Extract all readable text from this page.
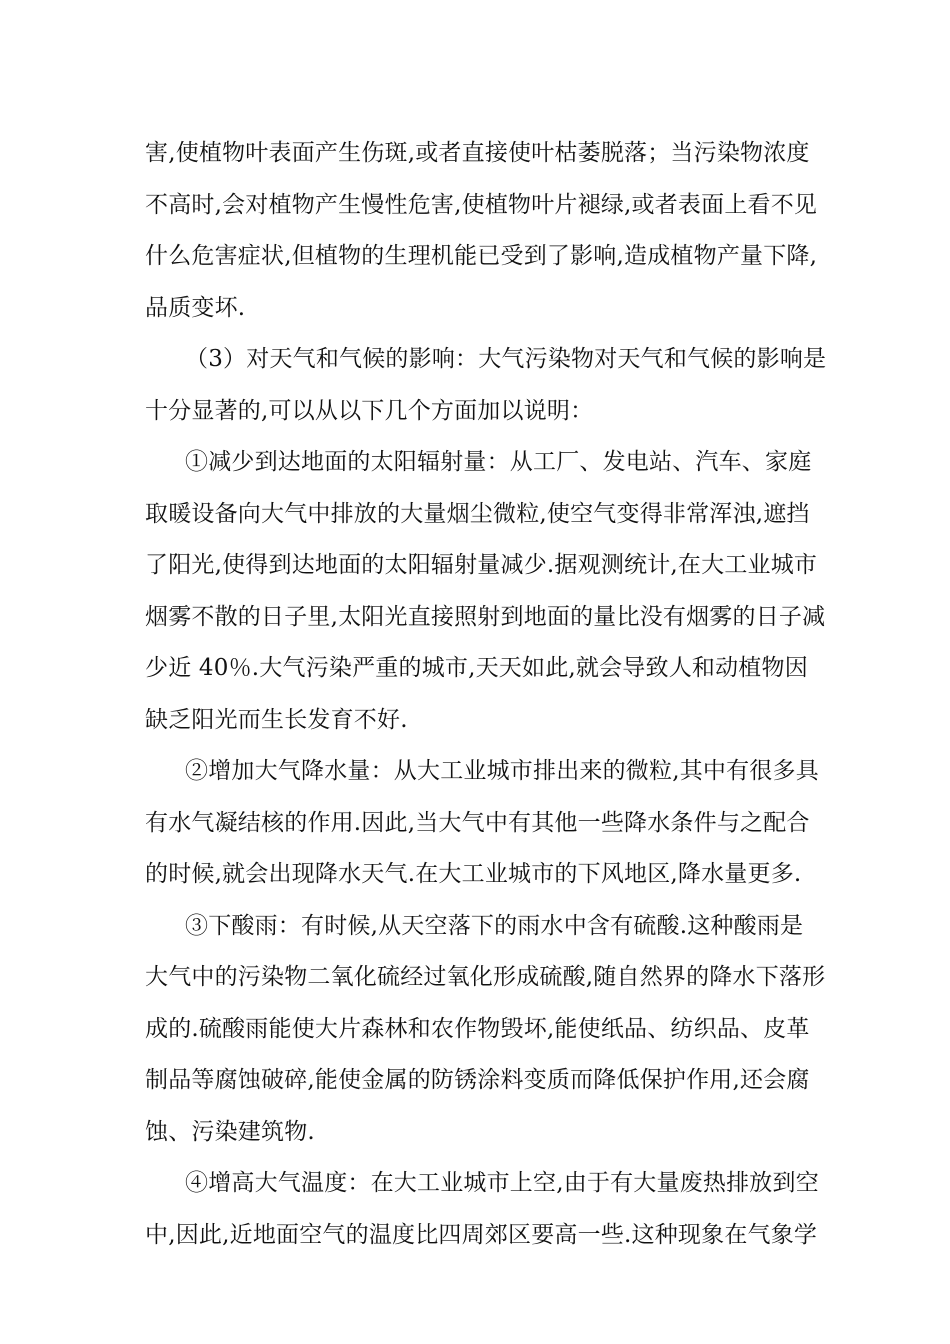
害,使植物叶表面产生伤斑,或者直接使叶枯萎脱落；当污染物浓度
不高时,会对植物产生慢性危害,使植物叶片褪绿,或者表面上看不见
什么危害症状,但植物的生理机能已受到了影响,造成植物产量下降,
品质变坏.
（3）对天气和气候的影响：大气污染物对天气和气候的影响是
十分显著的,可以从以下几个方面加以说明：
①减少到达地面的太阳辐射量：从工厂、发电站、汽车、家庭
取暖设备向大气中排放的大量烟尘微粒,使空气变得非常浑浊,遮挡
了阳光,使得到达地面的太阳辐射量减少.据观测统计,在大工业城市
烟雾不散的日子里,太阳光直接照射到地面的量比没有烟雾的日子减
少近 40％.大气污染严重的城市,天天如此,就会导致人和动植物因
缺乏阳光而生长发育不好.
②增加大气降水量：从大工业城市排出来的微粒,其中有很多具
有水气凝结核的作用.因此,当大气中有其他一些降水条件与之配合
的时候,就会出现降水天气.在大工业城市的下风地区,降水量更多.
③下酸雨：有时候,从天空落下的雨水中含有硫酸.这种酸雨是
大气中的污染物二氧化硫经过氧化形成硫酸,随自然界的降水下落形
成的.硫酸雨能使大片森林和农作物毁坏,能使纸品、纺织品、皮革
制品等腐蚀破碎,能使金属的防锈涂料变质而降低保护作用,还会腐
蚀、污染建筑物.
④增高大气温度：在大工业城市上空,由于有大量废热排放到空
中,因此,近地面空气的温度比四周郊区要高一些.这种现象在气象学
